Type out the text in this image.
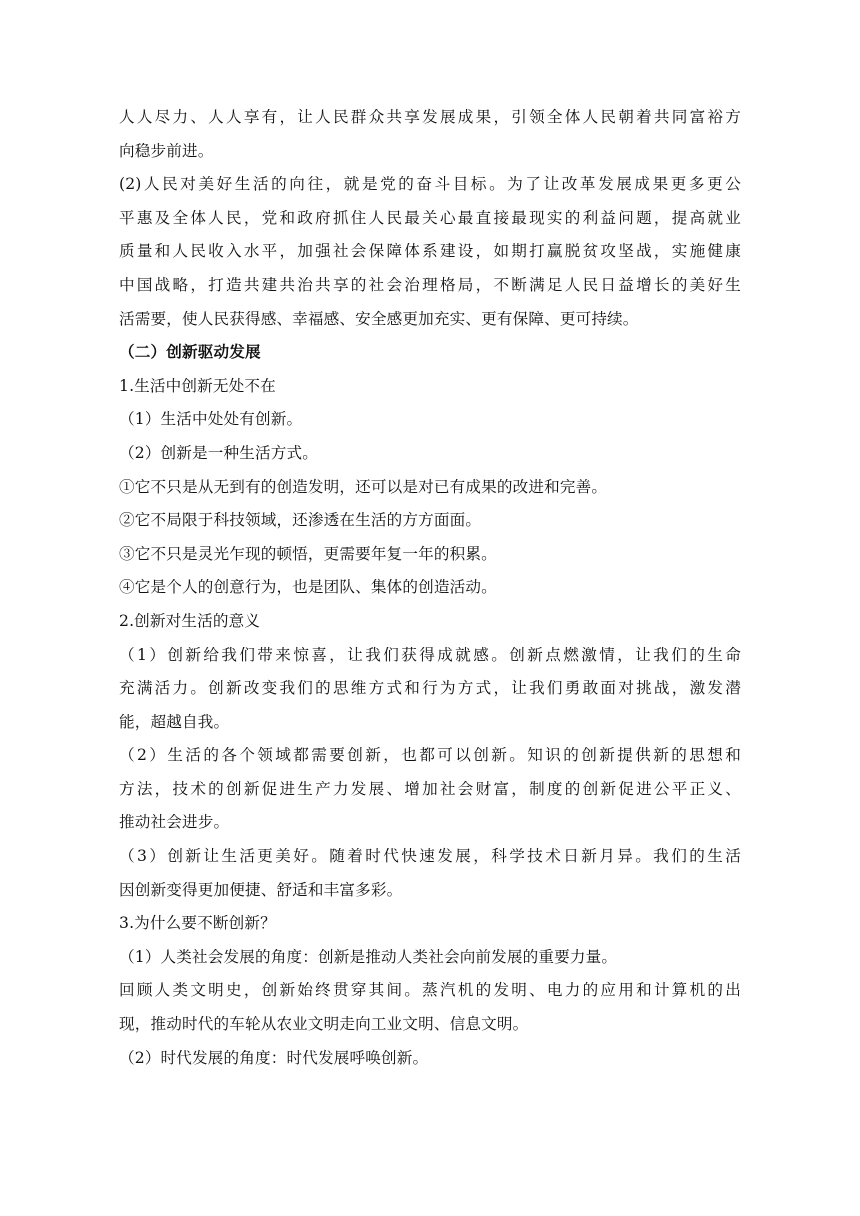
人人尽力、人人享有，让人民群众共享发展成果，引领全体人民朝着共同富裕方

向稳步前进。

(2)人民对美好生活的向往，就是党的奋斗目标。为了让改革发展成果更多更公

平惠及全体人民，党和政府抓住人民最关心最直接最现实的利益问题，提高就业

质量和人民收入水平，加强社会保障体系建设，如期打赢脱贫攻坚战，实施健康

中国战略，打造共建共治共享的社会治理格局，不断满足人民日益增长的美好生

活需要，使人民获得感、幸福感、安全感更加充实、更有保障、更可持续。

（二）创新驱动发展

1.生活中创新无处不在

（1）生活中处处有创新。

（2）创新是一种生活方式。

①它不只是从无到有的创造发明，还可以是对已有成果的改进和完善。

②它不局限于科技领域，还渗透在生活的方方面面。

③它不只是灵光乍现的顿悟，更需要年复一年的积累。

④它是个人的创意行为，也是团队、集体的创造活动。

2.创新对生活的意义

（1）创新给我们带来惊喜，让我们获得成就感。创新点燃激情，让我们的生命

充满活力。创新改变我们的思维方式和行为方式，让我们勇敢面对挑战，激发潜

能，超越自我。

（2）生活的各个领域都需要创新，也都可以创新。知识的创新提供新的思想和

方法，技术的创新促进生产力发展、增加社会财富，制度的创新促进公平正义、

推动社会进步。

（3）创新让生活更美好。随着时代快速发展，科学技术日新月异。我们的生活

因创新变得更加便捷、舒适和丰富多彩。

3.为什么要不断创新？

（1）人类社会发展的角度：创新是推动人类社会向前发展的重要力量。

回顾人类文明史，创新始终贯穿其间。蒸汽机的发明、电力的应用和计算机的出

现，推动时代的车轮从农业文明走向工业文明、信息文明。

（2）时代发展的角度：时代发展呼唤创新。
